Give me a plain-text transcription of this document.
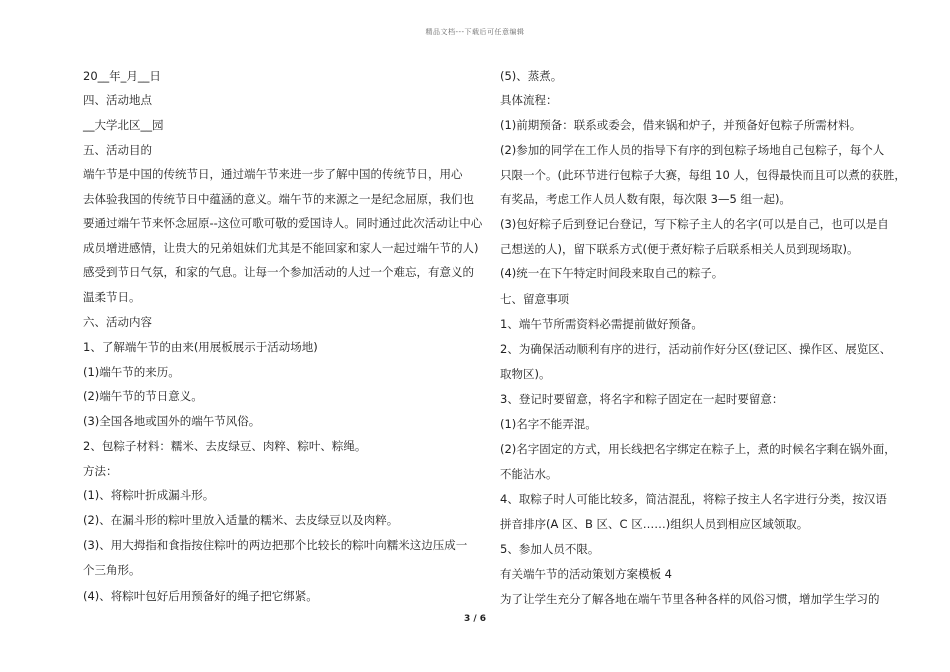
精品文档---下载后可任意编辑
20__年_月__日
四、活动地点
__大学北区__园
五、活动目的
端午节是中国的传统节日，通过端午节来进一步了解中国的传统节日，用心
去体验我国的传统节日中蕴涵的意义。端午节的来源之一是纪念屈原，我们也
要通过端午节来怀念屈原--这位可歌可敬的爱国诗人。同时通过此次活动让中心
成员增进感情，让贵大的兄弟姐妹们尤其是不能回家和家人一起过端午节的人)
感受到节日气氛，和家的气息。让每一个参加活动的人过一个难忘，有意义的
温柔节日。
六、活动内容
1、了解端午节的由来(用展板展示于活动场地)
(1)端午节的来历。
(2)端午节的节日意义。
(3)全国各地或国外的端午节风俗。
2、包粽子材料：糯米、去皮绿豆、肉粹、粽叶、粽绳。
方法：
(1)、将粽叶折成漏斗形。
(2)、在漏斗形的粽叶里放入适量的糯米、去皮绿豆以及肉粹。
(3)、用大拇指和食指按住粽叶的两边把那个比较长的粽叶向糯米这边压成一
个三角形。
(4)、将粽叶包好后用预备好的绳子把它绑紧。
(5)、蒸煮。
具体流程：
(1)前期预备：联系或委会，借来锅和炉子，并预备好包粽子所需材料。
(2)参加的同学在工作人员的指导下有序的到包粽子场地自己包粽子，每个人
只限一个。(此环节进行包粽子大赛，每组 10 人，包得最快而且可以煮的获胜，
有奖品，考虑工作人员人数有限，每次限 3—5 组一起)。
(3)包好粽子后到登记台登记，写下粽子主人的名字(可以是自己，也可以是自
己想送的人)，留下联系方式(便于煮好粽子后联系相关人员到现场取)。
(4)统一在下午特定时间段来取自己的粽子。
七、留意事项
1、端午节所需资料必需提前做好预备。
2、为确保活动顺利有序的进行，活动前作好分区(登记区、操作区、展览区、
取物区)。
3、登记时要留意，将名字和粽子固定在一起时要留意：
(1)名字不能弄混。
(2)名字固定的方式，用长线把名字绑定在粽子上，煮的时候名字剩在锅外面，
不能沾水。
4、取粽子时人可能比较多，简洁混乱，将粽子按主人名字进行分类，按汉语
拼音排序(A 区、B 区、C 区……)组织人员到相应区域领取。
5、参加人员不限。
有关端午节的活动策划方案模板 4
为了让学生充分了解各地在端午节里各种各样的风俗习惯，增加学生学习的
3 / 6
